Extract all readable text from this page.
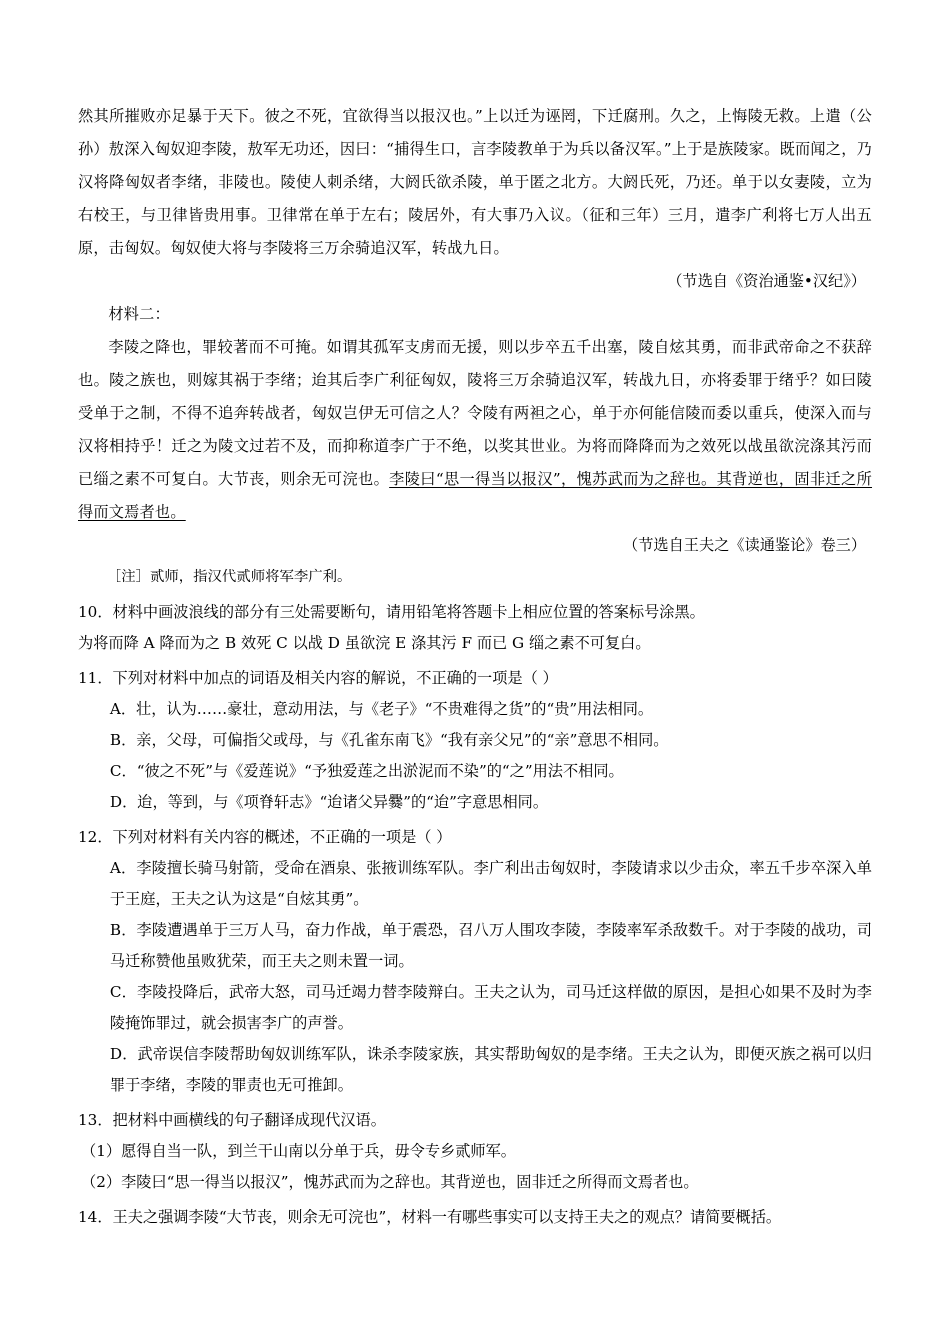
然其所摧败亦足暴于天下。彼之不死，宜欲得当以报汉也。”上以迁为诬罔，下迁腐刑。久之，上悔陵无救。上遣（公孙）敖深入匈奴迎李陵，敖军无功还，因曰：“捕得生口，言李陵教单于为兵以备汉军。”上于是族陵家。既而闻之，乃汉将降匈奴者李绪，非陵也。陵使人刺杀绪，大阏氏欲杀陵，单于匿之北方。大阏氏死，乃还。单于以女妻陵，立为右校王，与卫律皆贵用事。卫律常在单于左右；陵居外，有大事乃入议。（征和三年）三月，遣李广利将七万人出五原，击匈奴。匈奴使大将与李陵将三万余骑追汉军，转战九日。

（节选自《资治通鉴•汉纪》）

材料二：

李陵之降也，罪较著而不可掩。如谓其孤军支虏而无援，则以步卒五千出塞，陵自炫其勇，而非武帝命之不获辞也。陵之族也，则嫁其祸于李绪；迨其后李广利征匈奴，陵将三万余骑追汉军，转战九日，亦将委罪于绪乎？如曰陵受单于之制，不得不追奔转战者，匈奴岂伊无可信之人？令陵有两袒之心，单于亦何能信陵而委以重兵，使深入而与汉将相持乎！迁之为陵文过若不及，而抑称道李广于不绝，以奖其世业。为将而降降而为之效死以战虽欲浣涤其污而已缁之素不可复白。大节丧，则余无可浣也。李陵曰“思一得当以报汉”，愧苏武而为之辞也。其背逆也，固非迁之所得而文焉者也。

（节选自王夫之《读通鉴论》卷三）

［注］贰师，指汉代贰师将军李广利。

10．材料中画波浪线的部分有三处需要断句，请用铅笔将答题卡上相应位置的答案标号涂黑。

为将而降 A 降而为之 B 效死 C 以战 D 虽欲浣 E 涤其污 F 而已 G 缁之素不可复白。

11．下列对材料中加点的词语及相关内容的解说，不正确的一项是（ ）

A．壮，认为……豪壮，意动用法，与《老子》“不贵难得之货”的“贵”用法相同。

B．亲，父母，可偏指父或母，与《孔雀东南飞》“我有亲父兄”的“亲”意思不相同。

C．“彼之不死”与《爱莲说》“予独爱莲之出淤泥而不染”的“之”用法不相同。

D．迨，等到，与《项脊轩志》“迨诸父异爨”的“迨”字意思相同。

12．下列对材料有关内容的概述，不正确的一项是（ ）

A．李陵擅长骑马射箭，受命在酒泉、张掖训练军队。李广利出击匈奴时，李陵请求以少击众，率五千步卒深入单于王庭，王夫之认为这是“自炫其勇”。

B．李陵遭遇单于三万人马，奋力作战，单于震恐，召八万人围攻李陵，李陵率军杀敌数千。对于李陵的战功，司马迁称赞他虽败犹荣，而王夫之则未置一词。

C．李陵投降后，武帝大怒，司马迁竭力替李陵辩白。王夫之认为，司马迁这样做的原因，是担心如果不及时为李陵掩饰罪过，就会损害李广的声誉。

D．武帝误信李陵帮助匈奴训练军队，诛杀李陵家族，其实帮助匈奴的是李绪。王夫之认为，即便灭族之祸可以归罪于李绪，李陵的罪责也无可推卸。

13．把材料中画横线的句子翻译成现代汉语。

（1）愿得自当一队，到兰干山南以分单于兵，毋令专乡贰师军。

（2）李陵曰“思一得当以报汉”，愧苏武而为之辞也。其背逆也，固非迁之所得而文焉者也。

14．王夫之强调李陵“大节丧，则余无可浣也”，材料一有哪些事实可以支持王夫之的观点？请简要概括。
